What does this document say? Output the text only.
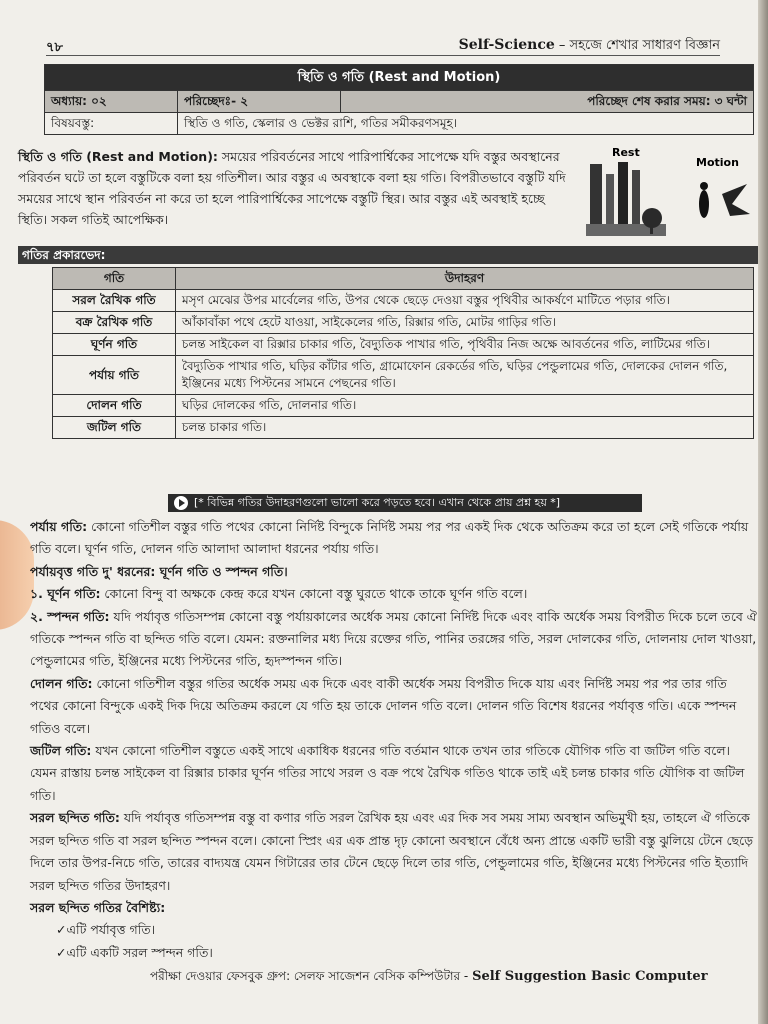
৭৮	Self-Science – সহজে শেখার সাধারণ বিজ্ঞান
স্থিতি ও গতি (Rest and Motion)		
অধ্যায়: ০২	পরিচ্ছেদঃ- ২	পরিচ্ছেদ শেষ করার সময়: ৩ ঘন্টা
বিষয়বস্তু:	স্থিতি ও গতি, স্কেলার ও ভেক্টর রাশি, গতির সমীকরণসমূহ।	
স্থিতি ও গতি (Rest and Motion): সময়ের পরিবর্তনের সাথে পারিপার্শ্বিকের সাপেক্ষে যদি বস্তুর অবস্থানের পরিবর্তন ঘটে তা হলে বস্তুটিকে বলা হয় গতিশীল। আর বস্তুর এ অবস্থাকে বলা হয় গতি। বিপরীতভাবে বস্তুটি যদি সময়ের সাথে স্থান পরিবর্তন না করে তা হলে পারিপার্শ্বিকের সাপেক্ষে বস্তুটি স্থির। আর বস্তুর এই অবস্থাই হচ্ছে স্থিতি। সকল গতিই আপেক্ষিক।
Rest
Motion
গতির প্রকারভেদ:
গতি	উদাহরণ
সরল রৈখিক গতি	মসৃণ মেঝের উপর মার্বেলের গতি, উপর থেকে ছেড়ে দেওয়া বস্তুর পৃথিবীর আকর্ষণে মাটিতে পড়ার গতি।
বক্র রৈখিক গতি	আঁকাবাঁকা পথে হেটে যাওয়া, সাইকেলের গতি, রিক্সার গতি, মোটর গাড়ির গতি।
ঘূর্ণন গতি	চলন্ত সাইকেল বা রিক্সার চাকার গতি, বৈদ্যুতিক পাখার গতি, পৃথিবীর নিজ অক্ষে আবর্তনের গতি, লাটিমের গতি।
পর্যায় গতি	বৈদ্যুতিক পাখার গতি, ঘড়ির কাঁটার গতি, গ্রামোফোন রেকর্ডের গতি, ঘড়ির পেন্ডুলামের গতি, দোলকের দোলন গতি, ইঞ্জিনের মধ্যে পিস্টনের সামনে পেছনের গতি।
দোলন গতি	ঘড়ির দোলকের গতি, দোলনার গতি।
জটিল গতি	চলন্ত চাকার গতি।
[* বিভিন্ন গতির উদাহরণগুলো ভালো করে পড়তে হবে। এখান থেকে প্রায় প্রশ্ন হয় *]

পর্যায় গতি: কোনো গতিশীল বস্তুর গতি পথের কোনো নির্দিষ্ট বিন্দুকে নির্দিষ্ট সময় পর পর একই দিক থেকে অতিক্রম করে তা হলে সেই গতিকে পর্যায় গতি বলে। ঘূর্ণন গতি, দোলন গতি আলাদা আলাদা ধরনের পর্যায় গতি।

পর্যায়বৃত্ত গতি দু' ধরনের: ঘূর্ণন গতি ও স্পন্দন গতি।

১. ঘূর্ণন গতি: কোনো বিন্দু বা অক্ষকে কেন্দ্র করে যখন কোনো বস্তু ঘুরতে থাকে তাকে ঘূর্ণন গতি বলে।

২. স্পন্দন গতি: যদি পর্যাবৃত্ত গতিসম্পন্ন কোনো বস্তু পর্যায়কালের অর্ধেক সময় কোনো নির্দিষ্ট দিকে এবং বাকি অর্ধেক সময় বিপরীত দিকে চলে তবে ঐ গতিকে স্পন্দন গতি বা ছন্দিত গতি বলে। যেমন: রক্তনালির মধ্য দিয়ে রক্তের গতি, পানির তরঙ্গের গতি, সরল দোলকের গতি, দোলনায় দোল খাওয়া, পেন্ডুলামের গতি, ইঞ্জিনের মধ্যে পিস্টনের গতি, হৃদস্পন্দন গতি।

দোলন গতি: কোনো গতিশীল বস্তুর গতির অর্ধেক সময় এক দিকে এবং বাকী অর্ধেক সময় বিপরীত দিকে যায় এবং নির্দিষ্ট সময় পর পর তার গতি পথের কোনো বিন্দুকে একই দিক দিয়ে অতিক্রম করলে যে গতি হয় তাকে দোলন গতি বলে। দোলন গতি বিশেষ ধরনের পর্যাবৃত্ত গতি। একে স্পন্দন গতিও বলে।

জটিল গতি: যখন কোনো গতিশীল বস্তুতে একই সাথে একাধিক ধরনের গতি বর্তমান থাকে তখন তার গতিকে যৌগিক গতি বা জটিল গতি বলে। যেমন রাস্তায় চলন্ত সাইকেল বা রিক্সার চাকার ঘূর্ণন গতির সাথে সরল ও বক্র পথে রৈখিক গতিও থাকে তাই এই চলন্ত চাকার গতি যৌগিক বা জটিল গতি।

সরল ছন্দিত গতি: যদি পর্যাবৃত্ত গতিসম্পন্ন বস্তু বা কণার গতি সরল রৈখিক হয় এবং এর দিক সব সময় সাম্য অবস্থান অভিমুখী হয়, তাহলে ঐ গতিকে সরল ছন্দিত গতি বা সরল ছন্দিত স্পন্দন বলে। কোনো স্প্রিং এর এক প্রান্ত দৃঢ় কোনো অবস্থানে বেঁধে অন্য প্রান্তে একটি ভারী বস্তু ঝুলিয়ে টেনে ছেড়ে দিলে তার উপর-নিচে গতি, তারের বাদ্যযন্ত্র যেমন গিটারের তার টেনে ছেড়ে দিলে তার গতি, পেন্ডুলামের গতি, ইঞ্জিনের মধ্যে পিস্টনের গতি ইত্যাদি সরল ছন্দিত গতির উদাহরণ।

সরল ছন্দিত গতির বৈশিষ্ট্য:

✓এটি পর্যাবৃত্ত গতি।

✓এটি একটি সরল স্পন্দন গতি।

পরীক্ষা দেওয়ার ফেসবুক গ্রুপ: সেলফ সাজেশন বেসিক কম্পিউটার - Self Suggestion Basic Computer
